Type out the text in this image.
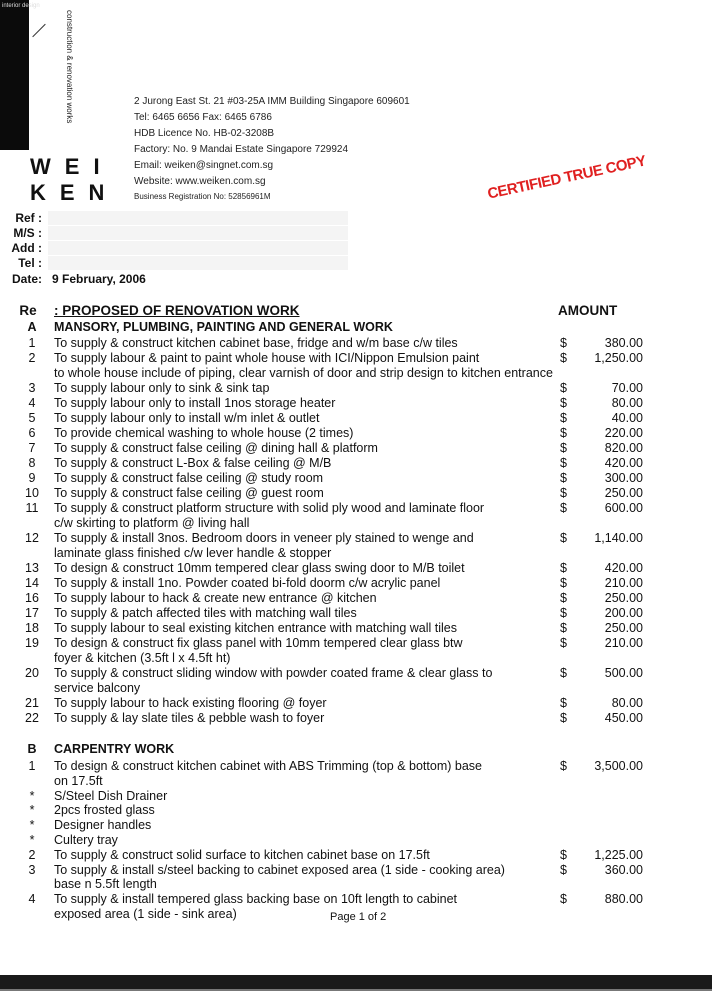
interior design
construction & renovation works
WEI
KEN
2 Jurong East St. 21 #03-25A IMM Building Singapore 609601
Tel: 6465 6656 Fax: 6465 6786
HDB Licence No. HB-02-3208B
Factory: No. 9 Mandai Estate Singapore 729924
Email: weiken@singnet.com.sg
Website: www.weiken.com.sg
Business Registration No: 52856961M	CERTIFIED TRUE COPY
Ref :
M/S :
Add :
Tel :
Date: 9 February, 2006
Re : PROPOSED OF RENOVATION WORK	AMOUNT
A	MANSORY, PLUMBING, PAINTING AND GENERAL WORK
1	To supply & construct kitchen cabinet base, fridge and w/m base c/w tiles	$	380.00
2	To supply labour & paint to paint whole house with ICI/Nippon Emulsion paint	$	1,250.00
to whole house include of piping, clear varnish of door and strip design to kitchen entrance
3	To supply labour only to sink & sink tap	$	70.00
4	To supply labour only to install 1nos storage heater	$	80.00
5	To supply labour only to install w/m inlet & outlet	$	40.00
6	To provide chemical washing to whole house (2 times)	$	220.00
7	To supply & construct false ceiling @ dining hall & platform	$	820.00
8	To supply & construct L-Box & false ceiling @ M/B	$	420.00
9	To supply & construct false ceiling @ study room	$	300.00
10	To supply & construct false ceiling @ guest room	$	250.00
11	To supply & construct platform structure with solid ply wood and laminate floor	$	600.00
c/w skirting to platform @ living hall
12	To supply & install 3nos. Bedroom doors in veneer ply stained to wenge and	$	1,140.00
laminate glass finished c/w lever handle & stopper
13	To design & construct 10mm tempered clear glass swing door to M/B toilet	$	420.00
14	To supply & install 1no. Powder coated bi-fold doorm c/w acrylic panel	$	210.00
16	To supply labour to hack & create new entrance @ kitchen	$	250.00
17	To supply & patch affected tiles with matching wall tiles	$	200.00
18	To supply labour to seal existing kitchen entrance with matching wall tiles	$	250.00
19	To design & construct fix glass panel with 10mm tempered clear glass btw	$	210.00
foyer & kitchen (3.5ft l x 4.5ft ht)
20	To supply & construct sliding window with powder coated frame & clear glass to	$	500.00
service balcony
21	To supply labour to hack existing flooring @ foyer	$	80.00
22	To supply & lay slate tiles & pebble wash to foyer	$	450.00
B	CARPENTRY WORK
1	To design & construct kitchen cabinet with ABS Trimming (top & bottom) base	$	3,500.00
on 17.5ft
*	S/Steel Dish Drainer
*	2pcs frosted glass
*	Designer handles
*	Cultery tray
2	To supply & construct solid surface to kitchen cabinet base on 17.5ft	$	1,225.00
3	To supply & install s/steel backing to cabinet exposed area (1 side - cooking area)	$	360.00
base n 5.5ft length
4	To supply & install tempered glass backing base on 10ft length to cabinet	$	880.00
exposed area (1 side - sink area)	Page 1 of 2
